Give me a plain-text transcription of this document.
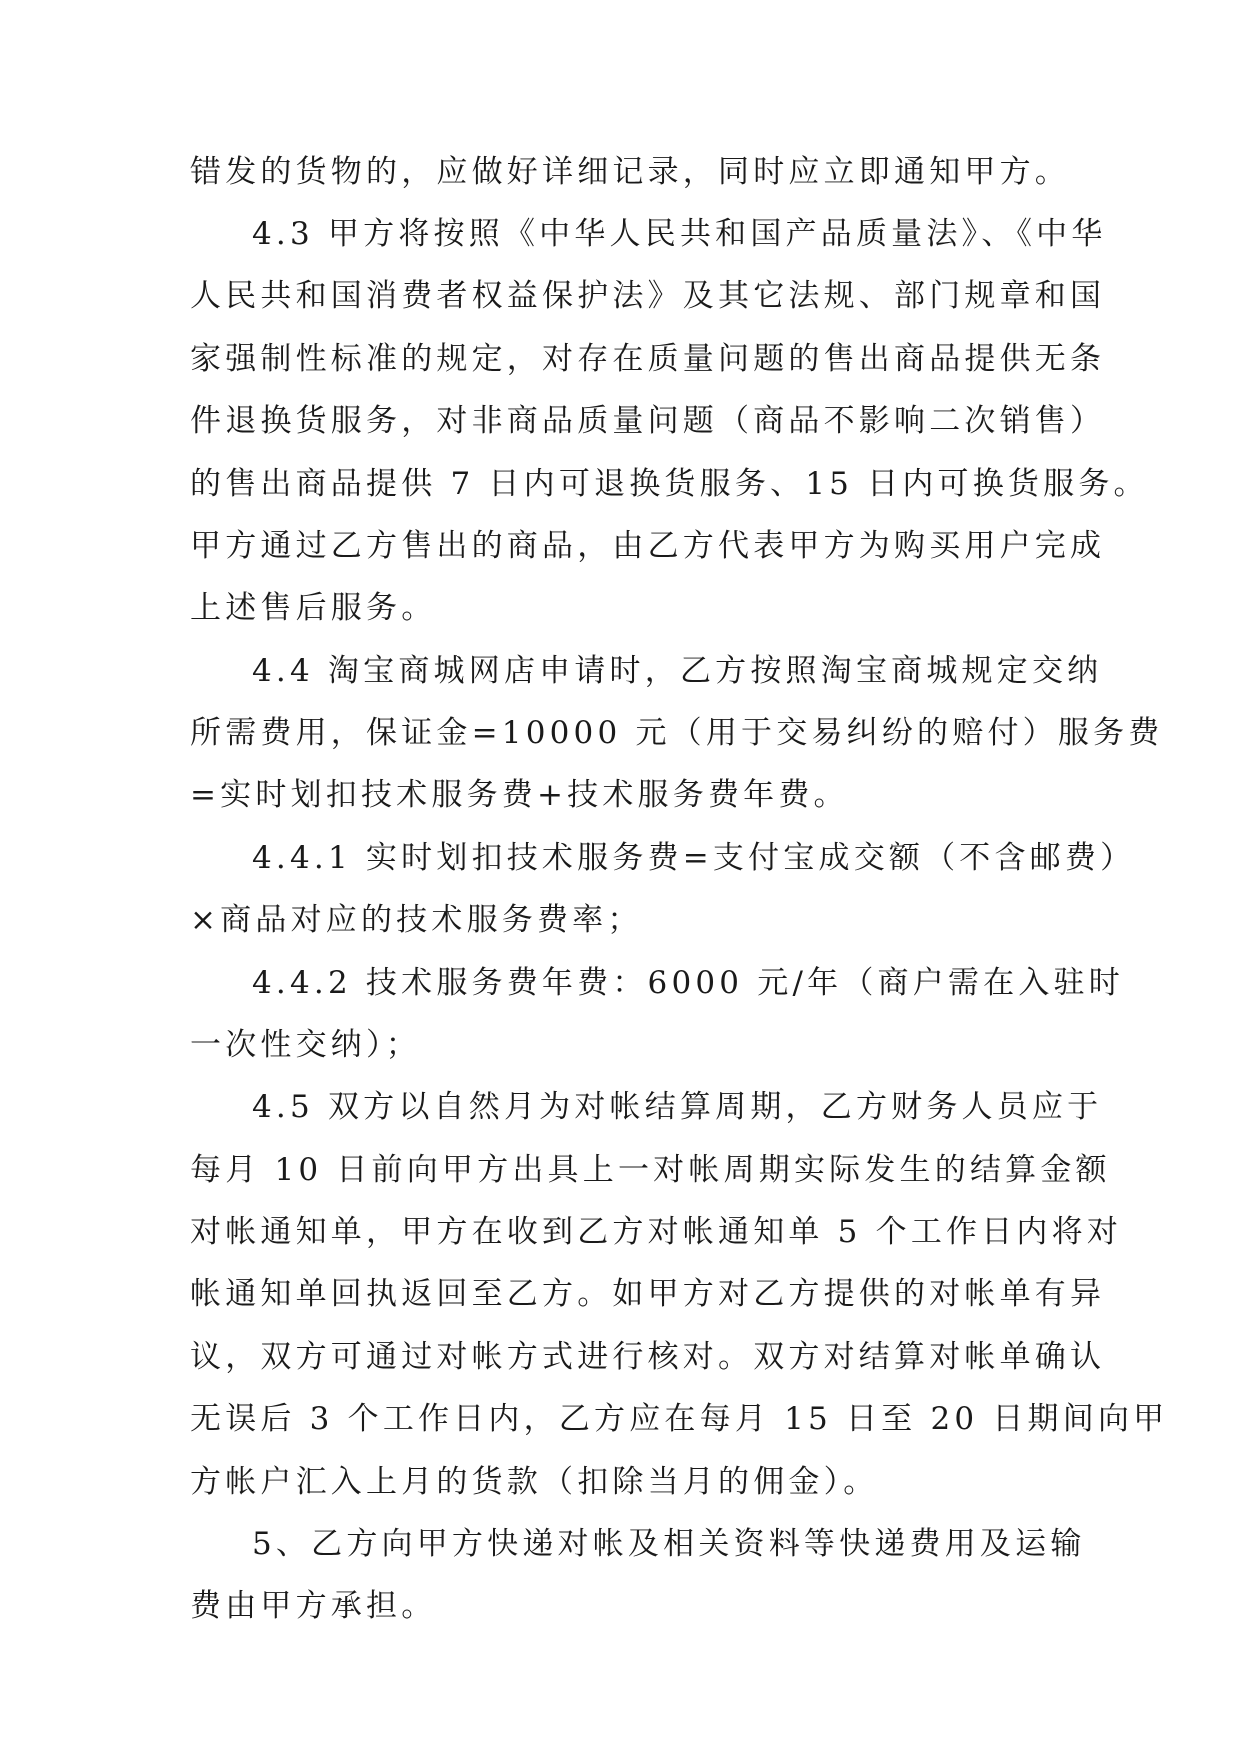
错发的货物的，应做好详细记录，同时应立即通知甲方。
4.3 甲方将按照《中华人民共和国产品质量法》、《中华
人民共和国消费者权益保护法》及其它法规、部门规章和国
家强制性标准的规定，对存在质量问题的售出商品提供无条
件退换货服务，对非商品质量问题（商品不影响二次销售）
的售出商品提供 7 日内可退换货服务、15 日内可换货服务。
甲方通过乙方售出的商品，由乙方代表甲方为购买用户完成
上述售后服务。
4.4 淘宝商城网店申请时，乙方按照淘宝商城规定交纳
所需费用，保证金=10000 元（用于交易纠纷的赔付）服务费
=实时划扣技术服务费+技术服务费年费。
4.4.1 实时划扣技术服务费=支付宝成交额（不含邮费）
×商品对应的技术服务费率；
4.4.2 技术服务费年费：6000 元/年（商户需在入驻时
一次性交纳）；
4.5 双方以自然月为对帐结算周期，乙方财务人员应于
每月 10 日前向甲方出具上一对帐周期实际发生的结算金额
对帐通知单，甲方在收到乙方对帐通知单 5 个工作日内将对
帐通知单回执返回至乙方。如甲方对乙方提供的对帐单有异
议，双方可通过对帐方式进行核对。双方对结算对帐单确认
无误后 3 个工作日内，乙方应在每月 15 日至 20 日期间向甲
方帐户汇入上月的货款（扣除当月的佣金）。
5、乙方向甲方快递对帐及相关资料等快递费用及运输
费由甲方承担。
